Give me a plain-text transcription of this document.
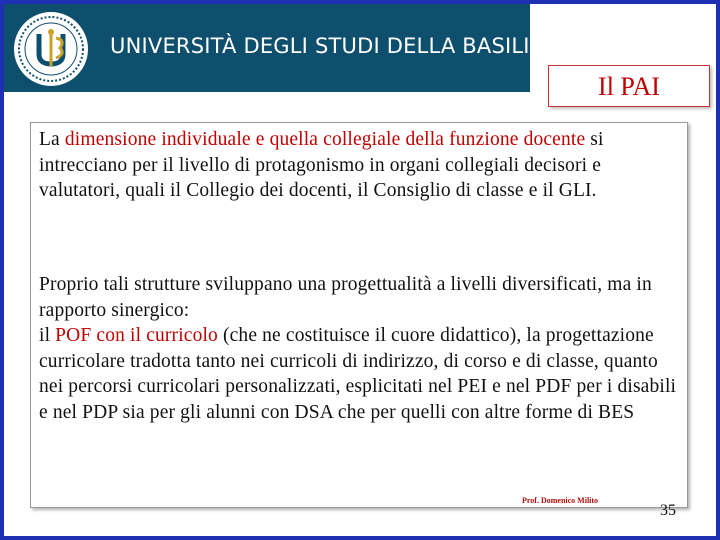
UNIVERSITÀ DEGLI STUDI DELLA BASILICATA
Il PAI
La dimensione individuale e quella collegiale della funzione docente si intrecciano per il livello di protagonismo in organi collegiali decisori e valutatori, quali il Collegio dei docenti, il Consiglio di classe e il GLI.
Proprio tali strutture sviluppano una progettualità a livelli diversificati, ma in rapporto sinergico:
il POF con il curricolo (che ne costituisce il cuore didattico), la progettazione curricolare tradotta tanto nei curricoli di indirizzo, di corso e di classe, quanto nei percorsi curricolari personalizzati, esplicitati nel PEI e nel PDF per i disabili e nel PDP sia per gli alunni con DSA che per quelli con altre forme di BES
Prof. Domenico Milito
35
